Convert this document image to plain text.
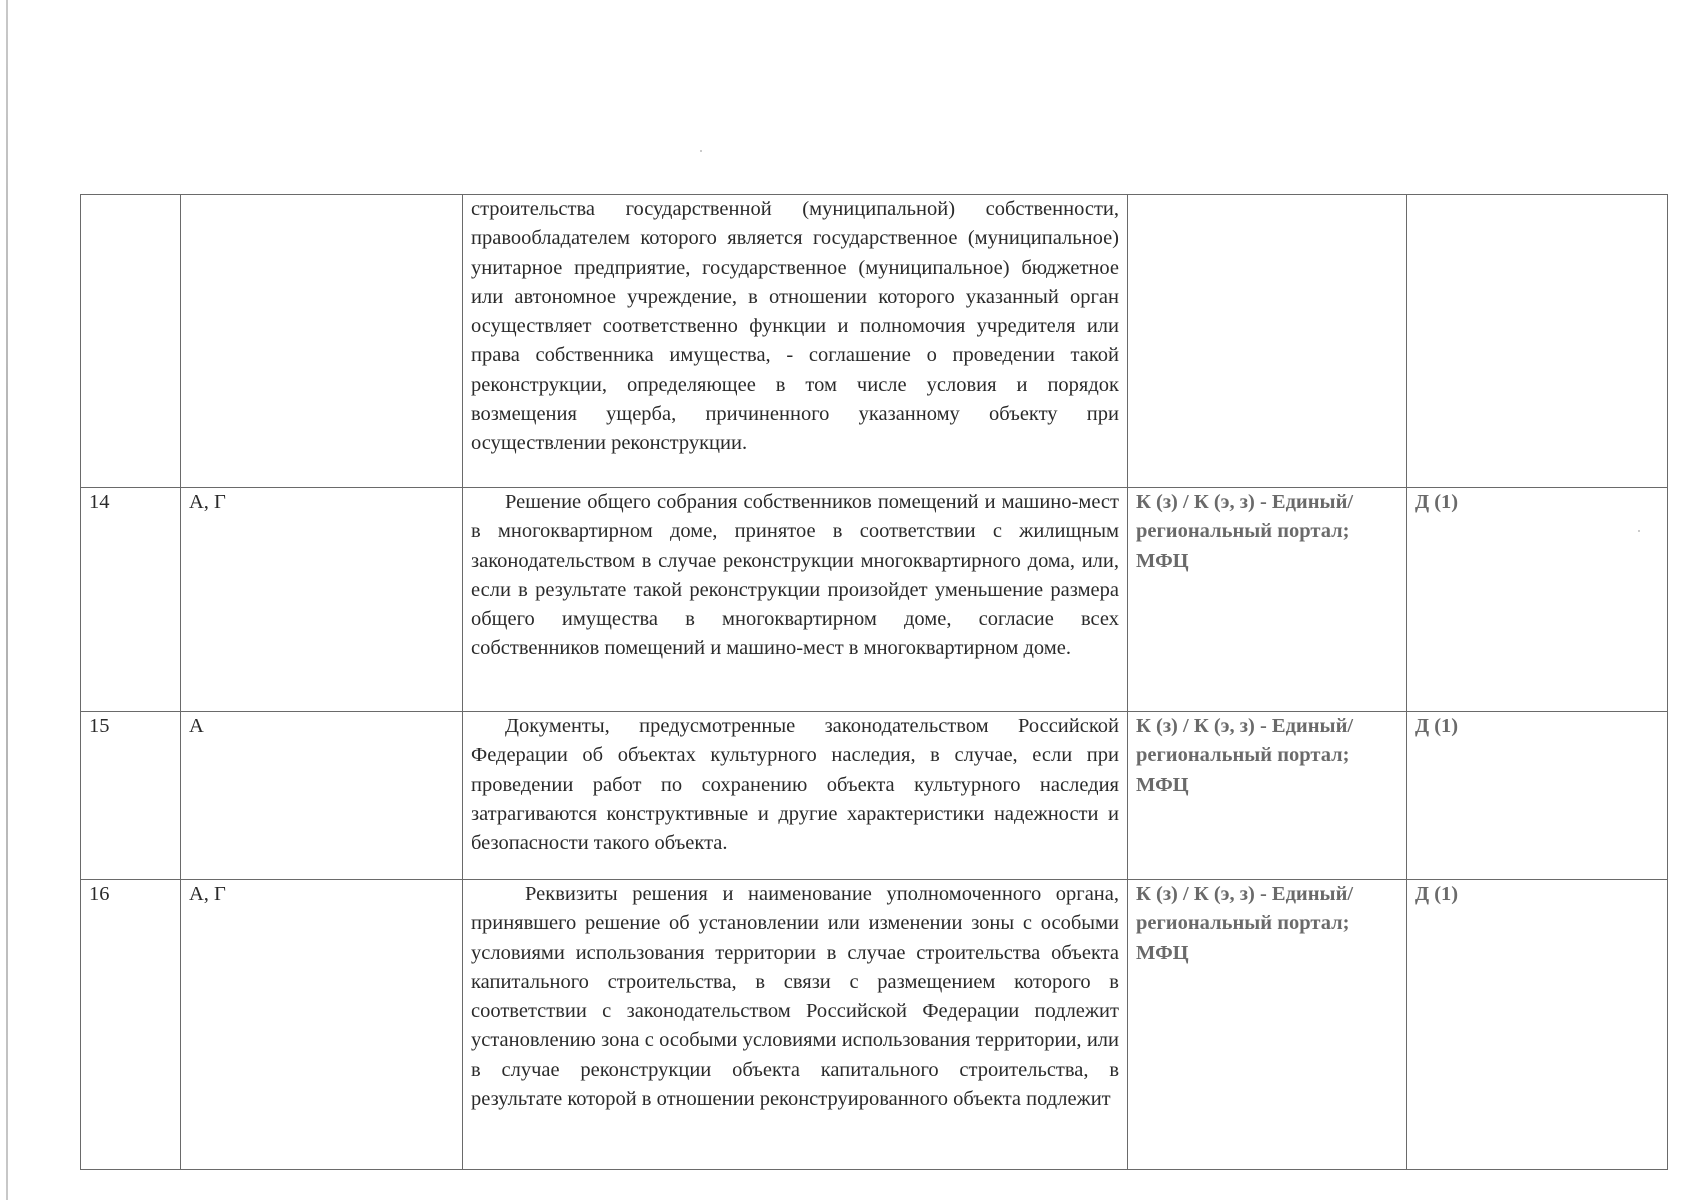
		строительства государственной (муниципальной) собственности, правообладателем которого является государственное (муниципальное) унитарное предприятие, государственное (муниципальное) бюджетное или автономное учреждение, в отношении которого указанный орган осуществляет соответственно функции и полномочия учредителя или права собственника имущества, - соглашение о проведении такой реконструкции, определяющее в том числе условия и порядок возмещения ущерба, причиненного указанному объекту при осуществлении реконструкции.		
14	А, Г	Решение общего собрания собственников помещений и машино-мест в многоквартирном доме, принятое в соответствии с жилищным законодательством в случае реконструкции многоквартирного дома, или, если в результате такой реконструкции произойдет уменьшение размера общего имущества в многоквартирном доме, согласие всех собственников помещений и машино-мест в многоквартирном доме.	К (з) / К (э, з) - Единый/региональный портал; МФЦ	Д (1)
15	А	Документы, предусмотренные законодательством Российской Федерации об объектах культурного наследия, в случае, если при проведении работ по сохранению объекта культурного наследия затрагиваются конструктивные и другие характеристики надежности и безопасности такого объекта.	К (з) / К (э, з) - Единый/региональный портал; МФЦ	Д (1)
16	А, Г	Реквизиты решения и наименование уполномоченного органа, принявшего решение об установлении или изменении зоны с особыми условиями использования территории в случае строительства объекта капитального строительства, в связи с размещением которого в соответствии с законодательством Российской Федерации подлежит установлению зона с особыми условиями использования территории, или в случае реконструкции объекта капитального строительства, в результате которой в отношении реконструированного объекта подлежит	К (з) / К (э, з) - Единый/региональный портал; МФЦ	Д (1)
